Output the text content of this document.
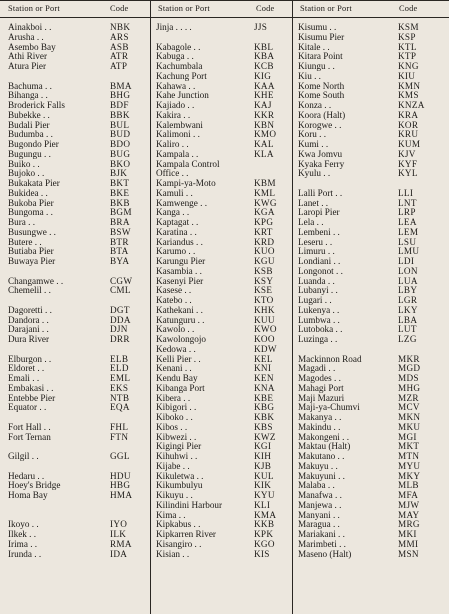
Station or Port	Code	Station or Port	Code	Station or Port	Code
Ainakboi . .	NBK
Arusha . .	ARS
Asembo Bay	ASB
Athi River	ATR
Atura Pier	ATP
Bachuma . .	BMA
Bihanga . .	BHG
Broderick Falls	BDF
Bubekke . .	BBK
Budali Pier	BUL
Budumba . .	BUD
Bugondo Pier	BDO
Bugungu . .	BUG
Buiko . .	BKO
Bujoko . .	BJK
Bukakata Pier	BKT
Bukidea . .	BKE
Bukoba Pier	BKB
Bungoma . .	BGM
Bura . .	BRA
Busungwe . .	BSW
Butere . .	BTR
Butiaba Pier	BTA
Buwaya Pier	BYA
Changamwe . .	CGW
Chemelil . .	CML
Dagoretti . .	DGT
Dandora . .	DDA
Darajani . .	DJN
Dura River	DRR
Elburgon . .	ELB
Eldoret . .	ELD
Emali . .	EML
Embakasi . .	EKS
Entebbe Pier	NTB
Equator . .	EQA
Fort Hall . .	FHL
Fort Ternan	FTN
Gilgil . .	GGL
Hedaru . .	HDU
Hoey's Bridge	HBG
Homa Bay	HMA
Ikoyo . .	IYO
Ilkek . .	ILK
Irima . .	RMA
Irunda . .	IDA
Jinja . . . .	JJS
Kabagole . .	KBL
Kabuga . .	KBA
Kachumbala	KCB
Kachung Port	KIG
Kahawa . .	KAA
Kahe Junction	KHE
Kajiado . .	KAJ
Kakira . .	KKR
Kalembwani	KBN
Kalimoni . .	KMO
Kaliro . .	KAL
Kampala . .	KLA
Kampala Control
Office . .
Kampi-ya-Moto	KBM
Kamuli . .	KML
Kamwenge . .	KWG
Kanga . .	KGA
Kaptagat . .	KPG
Karatina . .	KRT
Kariandus . .	KRD
Karumo . .	KUO
Karungu Pier	KGU
Kasambia . .	KSB
Kasenyi Pier	KSY
Kasese . .	KSE
Katebo . .	KTO
Kathekani . .	KHK
Katunguru . .	KUU
Kawolo . .	KWO
Kawolongojo	KOO
Kedowa . .	KDW
Kelli Pier . .	KEL
Kenani . .	KNI
Kendu Bay	KEN
Kibanga Port	KNA
Kibera . .	KBE
Kibigori . .	KBG
Kiboko . .	KBK
Kibos . .	KBS
Kibwezi . .	KWZ
Kigingi Pier	KGI
Kihuhwi . .	KIH
Kijabe . .	KJB
Kikuletwa . .	KUL
Kikumbulyu	KIK
Kikuyu . .	KYU
Kilindini Harbour	KLI
Kima . .	KMA
Kipkabus . .	KKB
Kipkarren River	KPK
Kisangiro . .	KGO
Kisian . .	KIS
Kisumu . .	KSM
Kisumu Pier	KSP
Kitale . .	KTL
Kitara Point	KTP
Kiungu . .	KNG
Kiu . .	KIU
Kome North	KMN
Kome South	KMS
Konza . .	KNZA
Koora (Halt)	KRA
Korogwe . .	KOR
Koru . .	KRU
Kumi . .	KUM
Kwa Jomvu	KJV
Kyaka Ferry	KYF
Kyulu . .	KYL
Lalli Port . .	LLI
Lanet . .	LNT
Laropi Pier	LRP
Lela . .	LEA
Lembeni . .	LEM
Leseru . .	LSU
Limuru . .	LMU
Londiani . .	LDI
Longonot . .	LON
Luanda . .	LUA
Lubanyi . .	LBY
Lugari . .	LGR
Lukenya . .	LKY
Lumbwa . .	LBA
Lutoboka . .	LUT
Luzinga . .	LZG
Mackinnon Road	MKR
Magadi . .	MGD
Magodes . .	MDS
Mahagi Port	MHG
Maji Mazuri	MZR
Maji-ya-Chumvi	MCV
Makanya . .	MKN
Makindu . .	MKU
Makongeni . .	MGI
Maktau (Halt)	MKT
Makutano . .	MTN
Makuyu . .	MYU
Makuyuni . .	MKY
Malaba . .	MLB
Manafwa . .	MFA
Manjewa . .	MJW
Manyani . .	MAY
Maragua . .	MRG
Mariakani . .	MKI
Marimbeti . .	MMI
Maseno (Halt)	MSN
